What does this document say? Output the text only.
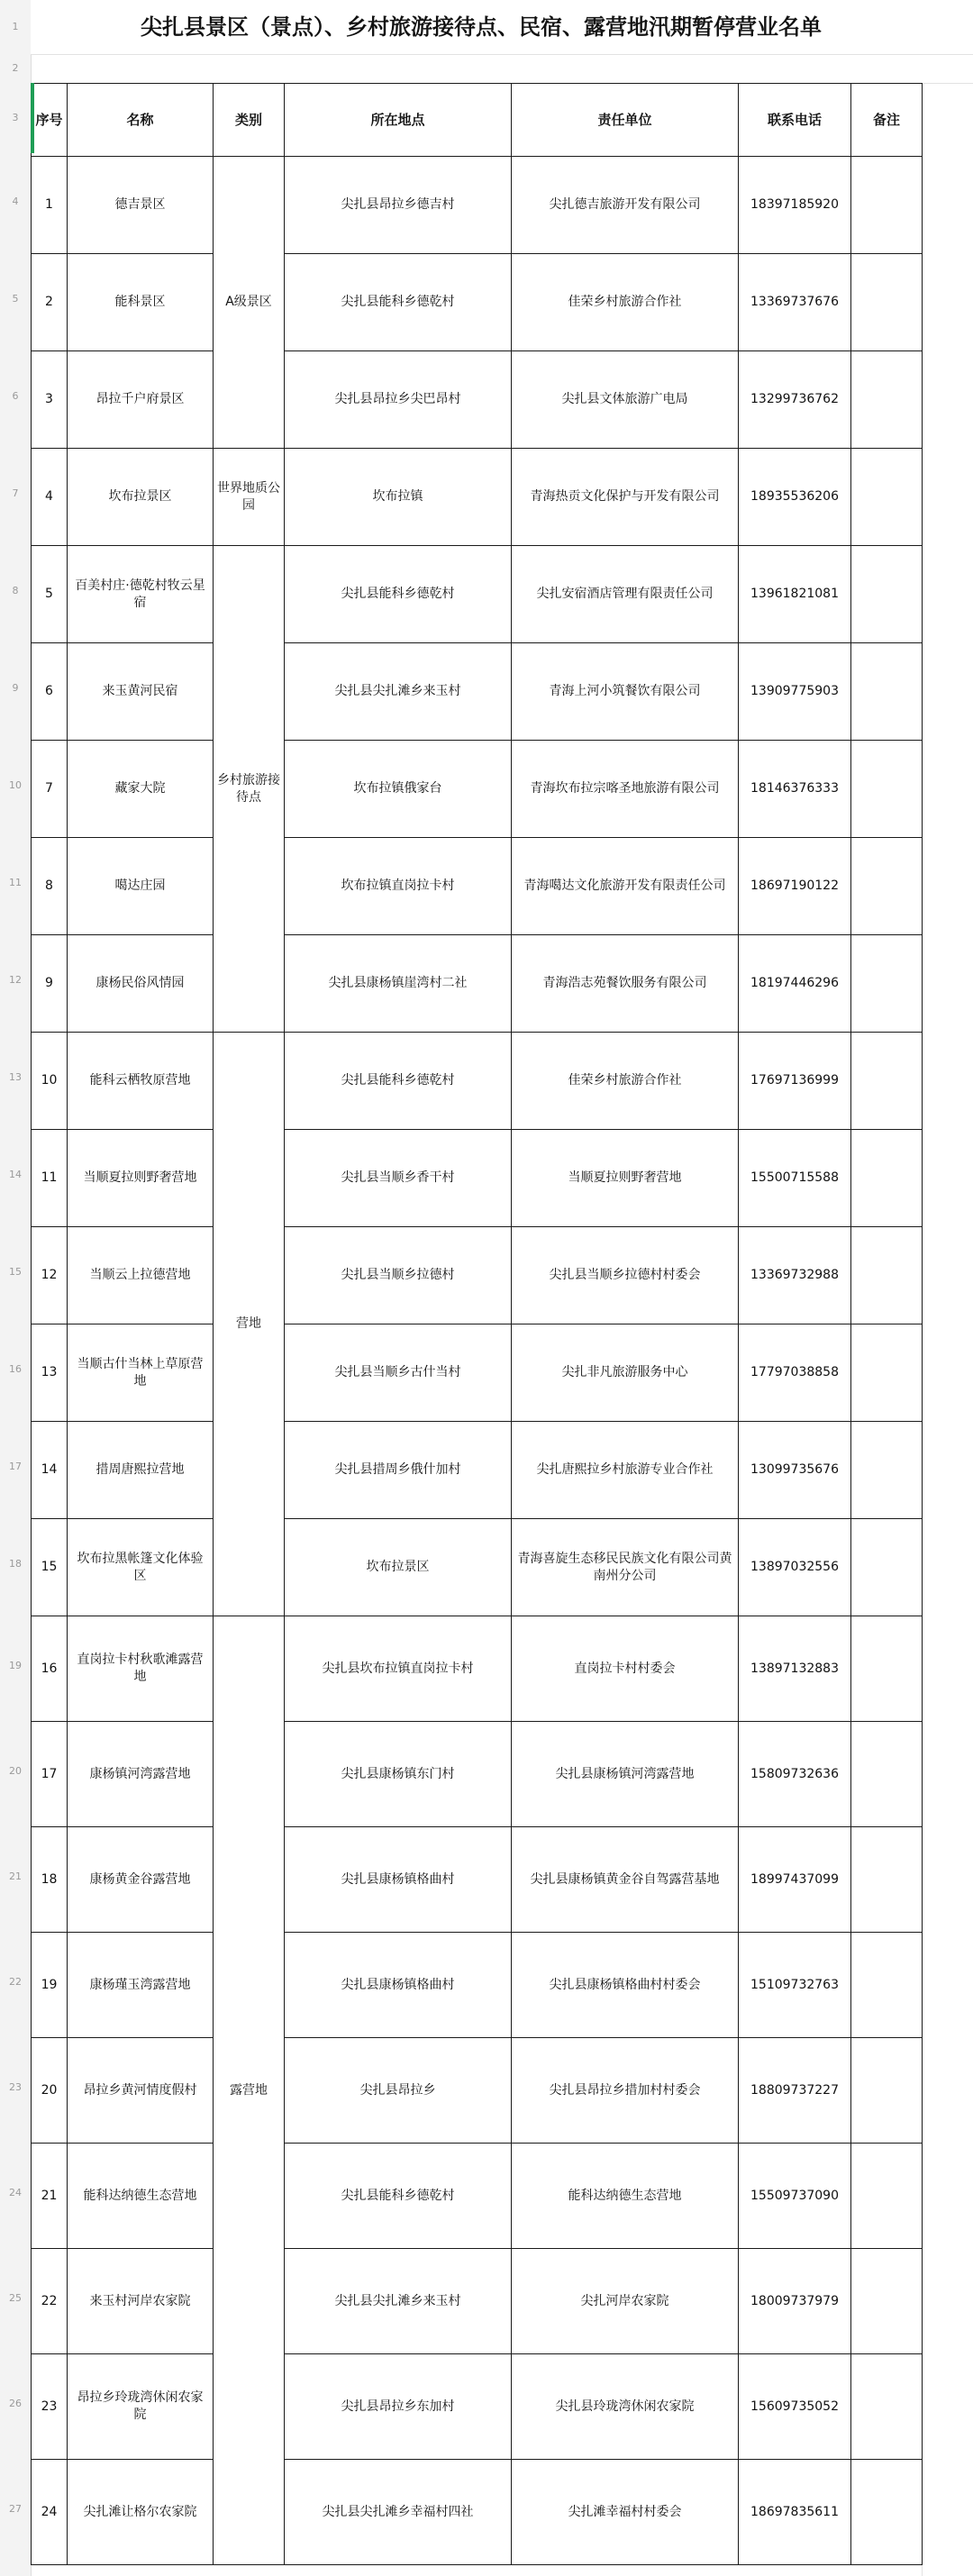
1
2
3
4
5
6
7
8
9
10
11
12
13
14
15
16
17
18
19
20
21
22
23
24
25
26
27
尖扎县景区（景点）、乡村旅游接待点、民宿、露营地汛期暂停营业名单
序号	名称	类别	所在地点	责任单位	联系电话	备注
1	德吉景区	A级景区	尖扎县昂拉乡德吉村	尖扎德吉旅游开发有限公司	18397185920	
2	能科景区		尖扎县能科乡德乾村	佳荣乡村旅游合作社	13369737676	
3	昂拉千户府景区		尖扎县昂拉乡尖巴昂村	尖扎县文体旅游广电局	13299736762	
4	坎布拉景区	世界地质公园	坎布拉镇	青海热贡文化保护与开发有限公司	18935536206	
5	百美村庄·德乾村牧云星宿	乡村旅游接待点	尖扎县能科乡德乾村	尖扎安宿酒店管理有限责任公司	13961821081	
6	来玉黄河民宿		尖扎县尖扎滩乡来玉村	青海上河小筑餐饮有限公司	13909775903	
7	藏家大院		坎布拉镇俄家台	青海坎布拉宗喀圣地旅游有限公司	18146376333	
8	噶达庄园		坎布拉镇直岗拉卡村	青海噶达文化旅游开发有限责任公司	18697190122	
9	康杨民俗风情园		尖扎县康杨镇崖湾村二社	青海浩志苑餐饮服务有限公司	18197446296	
10	能科云栖牧原营地	营地	尖扎县能科乡德乾村	佳荣乡村旅游合作社	17697136999	
11	当顺夏拉则野奢营地		尖扎县当顺乡香干村	当顺夏拉则野奢营地	15500715588	
12	当顺云上拉德营地		尖扎县当顺乡拉德村	尖扎县当顺乡拉德村村委会	13369732988	
13	当顺古什当林上草原营地		尖扎县当顺乡古什当村	尖扎非凡旅游服务中心	17797038858	
14	措周唐熙拉营地		尖扎县措周乡俄什加村	尖扎唐熙拉乡村旅游专业合作社	13099735676	
15	坎布拉黑帐篷文化体验区		坎布拉景区	青海喜旋生态移民民族文化有限公司黄南州分公司	13897032556	
16	直岗拉卡村秋歌滩露营地	露营地	尖扎县坎布拉镇直岗拉卡村	直岗拉卡村村委会	13897132883	
17	康杨镇河湾露营地		尖扎县康杨镇东门村	尖扎县康杨镇河湾露营地	15809732636	
18	康杨黄金谷露营地		尖扎县康杨镇格曲村	尖扎县康杨镇黄金谷自驾露营基地	18997437099	
19	康杨瑾玉湾露营地		尖扎县康杨镇格曲村	尖扎县康杨镇格曲村村委会	15109732763	
20	昂拉乡黄河情度假村		尖扎县昂拉乡	尖扎县昂拉乡措加村村委会	18809737227	
21	能科达纳德生态营地		尖扎县能科乡德乾村	能科达纳德生态营地	15509737090	
22	来玉村河岸农家院		尖扎县尖扎滩乡来玉村	尖扎河岸农家院	18009737979	
23	昂拉乡玲珑湾休闲农家院		尖扎县昂拉乡东加村	尖扎县玲珑湾休闲农家院	15609735052	
24	尖扎滩让格尔农家院		尖扎县尖扎滩乡幸福村四社	尖扎滩幸福村村委会	18697835611	
